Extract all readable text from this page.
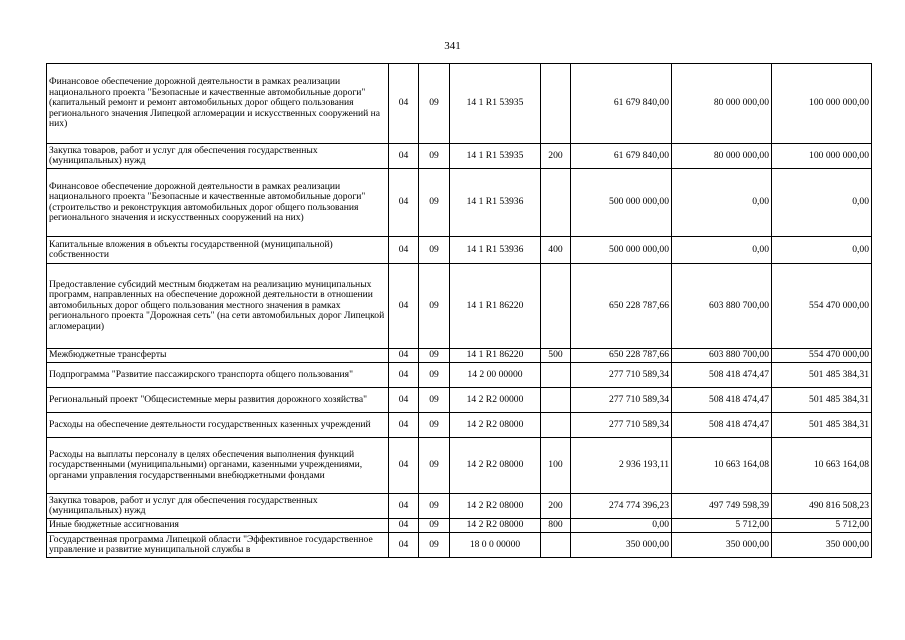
341
Финансовое обеспечение дорожной деятельности в рамках реализации национального проекта "Безопасные и качественные автомобильные дороги" (капитальный ремонт и ремонт автомобильных дорог общего пользования регионального значения Липецкой агломерации и искусственных сооружений на них)	04	09	14 1 R1 53935		61 679 840,00	80 000 000,00	100 000 000,00
Закупка товаров, работ и услуг для обеспечения государственных (муниципальных) нужд	04	09	14 1 R1 53935	200	61 679 840,00	80 000 000,00	100 000 000,00
Финансовое обеспечение дорожной деятельности в рамках реализации национального проекта "Безопасные и качественные автомобильные дороги" (строительство и реконструкция автомобильных дорог общего пользования регионального значения и искусственных сооружений на них)	04	09	14 1 R1 53936		500 000 000,00	0,00	0,00
Капитальные вложения в объекты государственной (муниципальной) собственности	04	09	14 1 R1 53936	400	500 000 000,00	0,00	0,00
Предоставление субсидий местным бюджетам на реализацию муниципальных программ, направленных на обеспечение дорожной деятельности в отношении автомобильных дорог общего пользования местного значения в рамках регионального проекта "Дорожная сеть" (на сети автомобильных дорог Липецкой агломерации)	04	09	14 1 R1 86220		650 228 787,66	603 880 700,00	554 470 000,00
Межбюджетные трансферты	04	09	14 1 R1 86220	500	650 228 787,66	603 880 700,00	554 470 000,00
Подпрограмма "Развитие пассажирского транспорта общего пользования"	04	09	14 2 00 00000		277 710 589,34	508 418 474,47	501 485 384,31
Региональный проект "Общесистемные меры развития дорожного хозяйства"	04	09	14 2 R2 00000		277 710 589,34	508 418 474,47	501 485 384,31
Расходы на обеспечение деятельности государственных казенных учреждений	04	09	14 2 R2 08000		277 710 589,34	508 418 474,47	501 485 384,31
Расходы на выплаты персоналу в целях обеспечения выполнения функций государственными (муниципальными) органами, казенными учреждениями, органами управления государственными внебюджетными фондами	04	09	14 2 R2 08000	100	2 936 193,11	10 663 164,08	10 663 164,08
Закупка товаров, работ и услуг для обеспечения государственных (муниципальных) нужд	04	09	14 2 R2 08000	200	274 774 396,23	497 749 598,39	490 816 508,23
Иные бюджетные ассигнования	04	09	14 2 R2 08000	800	0,00	5 712,00	5 712,00
Государственная программа Липецкой области "Эффективное государственное управление и развитие муниципальной службы в	04	09	18 0 0 00000		350 000,00	350 000,00	350 000,00
